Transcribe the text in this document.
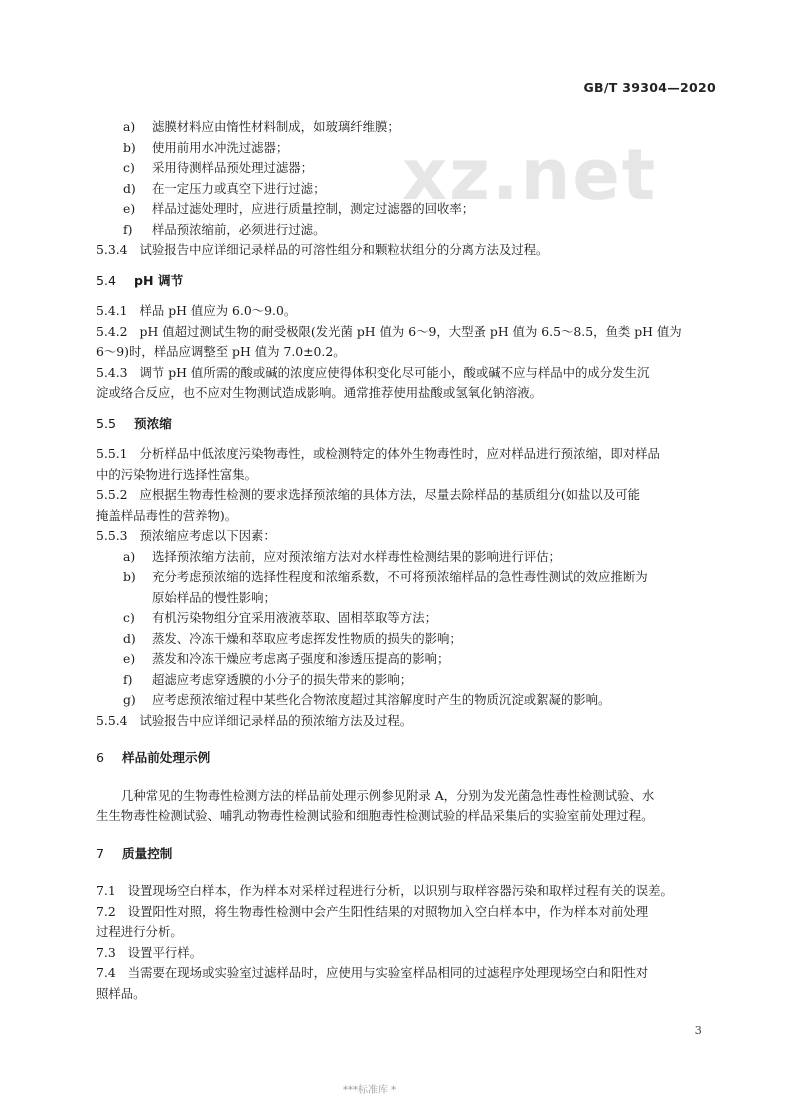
GB/T 39304—2020
xz.net
a) 滤膜材料应由惰性材料制成，如玻璃纤维膜；
b) 使用前用水冲洗过滤器；
c) 采用待测样品预处理过滤器；
d) 在一定压力或真空下进行过滤；
e) 样品过滤处理时，应进行质量控制，测定过滤器的回收率；
f) 样品预浓缩前，必须进行过滤。
5.3.4 试验报告中应详细记录样品的可溶性组分和颗粒状组分的分离方法及过程。
5.4 pH 调节
5.4.1 样品 pH 值应为 6.0～9.0。
5.4.2 pH 值超过测试生物的耐受极限(发光菌 pH 值为 6～9，大型蚤 pH 值为 6.5～8.5，鱼类 pH 值为
6～9)时，样品应调整至 pH 值为 7.0±0.2。
5.4.3 调节 pH 值所需的酸或碱的浓度应使得体积变化尽可能小，酸或碱不应与样品中的成分发生沉
淀或络合反应，也不应对生物测试造成影响。通常推荐使用盐酸或氢氧化钠溶液。
5.5 预浓缩
5.5.1 分析样品中低浓度污染物毒性，或检测特定的体外生物毒性时，应对样品进行预浓缩，即对样品
中的污染物进行选择性富集。
5.5.2 应根据生物毒性检测的要求选择预浓缩的具体方法，尽量去除样品的基质组分(如盐以及可能
掩盖样品毒性的营养物)。
5.5.3 预浓缩应考虑以下因素：
a) 选择预浓缩方法前，应对预浓缩方法对水样毒性检测结果的影响进行评估；
b) 充分考虑预浓缩的选择性程度和浓缩系数，不可将预浓缩样品的急性毒性测试的效应推断为
原始样品的慢性影响；
c) 有机污染物组分宜采用液液萃取、固相萃取等方法；
d) 蒸发、冷冻干燥和萃取应考虑挥发性物质的损失的影响；
e) 蒸发和冷冻干燥应考虑离子强度和渗透压提高的影响；
f) 超滤应考虑穿透膜的小分子的损失带来的影响；
g) 应考虑预浓缩过程中某些化合物浓度超过其溶解度时产生的物质沉淀或絮凝的影响。
5.5.4 试验报告中应详细记录样品的预浓缩方法及过程。
6 样品前处理示例
几种常见的生物毒性检测方法的样品前处理示例参见附录 A，分别为发光菌急性毒性检测试验、水
生生物毒性检测试验、哺乳动物毒性检测试验和细胞毒性检测试验的样品采集后的实验室前处理过程。
7 质量控制
7.1 设置现场空白样本，作为样本对采样过程进行分析，以识别与取样容器污染和取样过程有关的误差。
7.2 设置阳性对照，将生物毒性检测中会产生阳性结果的对照物加入空白样本中，作为样本对前处理
过程进行分析。
7.3 设置平行样。
7.4 当需要在现场或实验室过滤样品时，应使用与实验室样品相同的过滤程序处理现场空白和阳性对
照样品。
3
***标准库 *
